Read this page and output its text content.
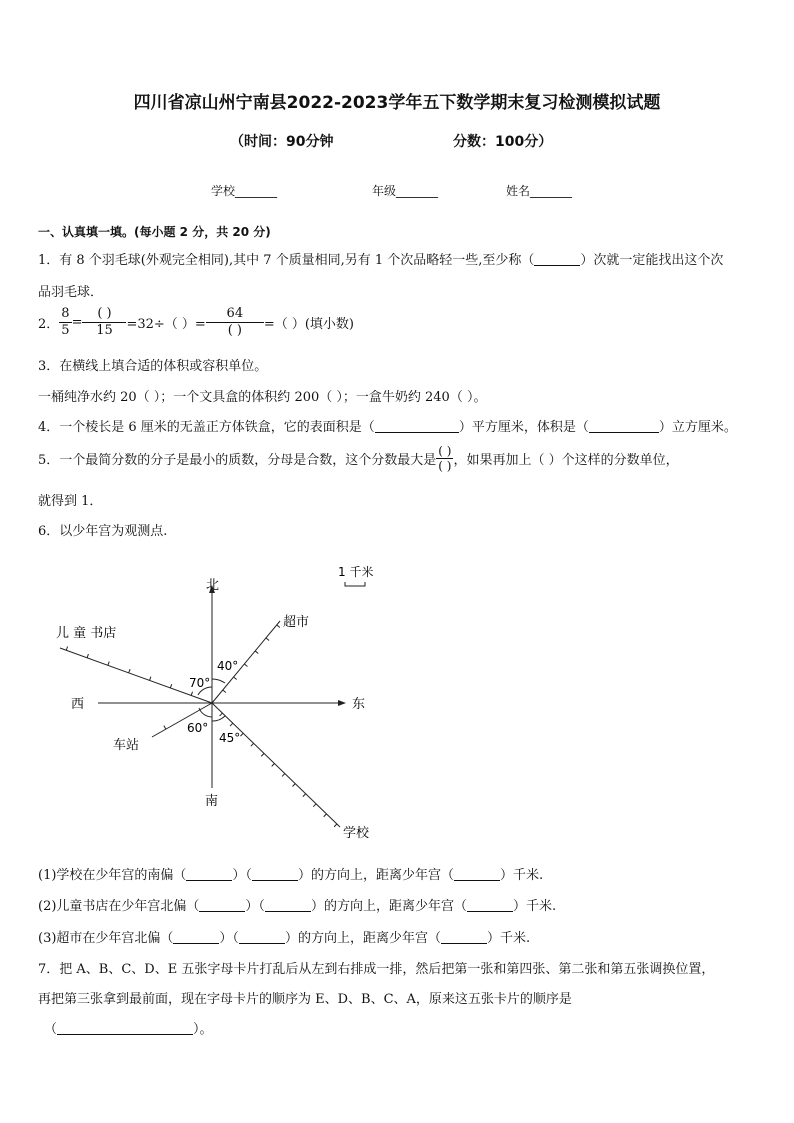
四川省凉山州宁南县2022-2023学年五下数学期末复习检测模拟试题
（时间：90分钟	分数：100分）
学校_______	年级_______	姓名_______
一、认真填一填。(每小题 2 分，共 20 分)
1．有 8 个羽毛球(外观完全相同),其中 7 个质量相同,另有 1 个次品略轻一些,至少称（	）次就一定能找出这个次
品羽毛球．
2． $\frac{8}{5} = \frac{( )}{15} =32\div$（ ）= $\frac{64}{( )}$ =（ ）(填小数)
3．在横线上填合适的体积或容积单位。
一桶纯净水约 20（ ）；一个文具盒的体积约 200（ ）；一盒牛奶约 240（ ）。
4．一个棱长是 6 厘米的无盖正方体铁盒，它的表面积是（	）平方厘米，体积是（	）立方厘米。
5．一个最简分数的分子是最小的质数，分母是合数，这个分数最大是 $\frac{( )}{( )}$ ，如果再加上（ ）个这样的分数单位，
就得到 1．
6．以少年宫为观测点.
北
南
东
西
儿 童 书店
超市
车站
学校
40°
70°
60°
45°
1 千米
(1)学校在少年宫的南偏（	）（	）的方向上，距离少年宫（	）千米.
(2)儿童书店在少年宫北偏（	）（	）的方向上，距离少年宫（	）千米.
(3)超市在少年宫北偏（	）（	）的方向上，距离少年宫（	）千米.
7．把 A、B、C、D、E 五张字母卡片打乱后从左到右排成一排，然后把第一张和第四张、第二张和第五张调换位置，
再把第三张拿到最前面，现在字母卡片的顺序为 E、D、B、C、A，原来这五张卡片的顺序是
（	）。
